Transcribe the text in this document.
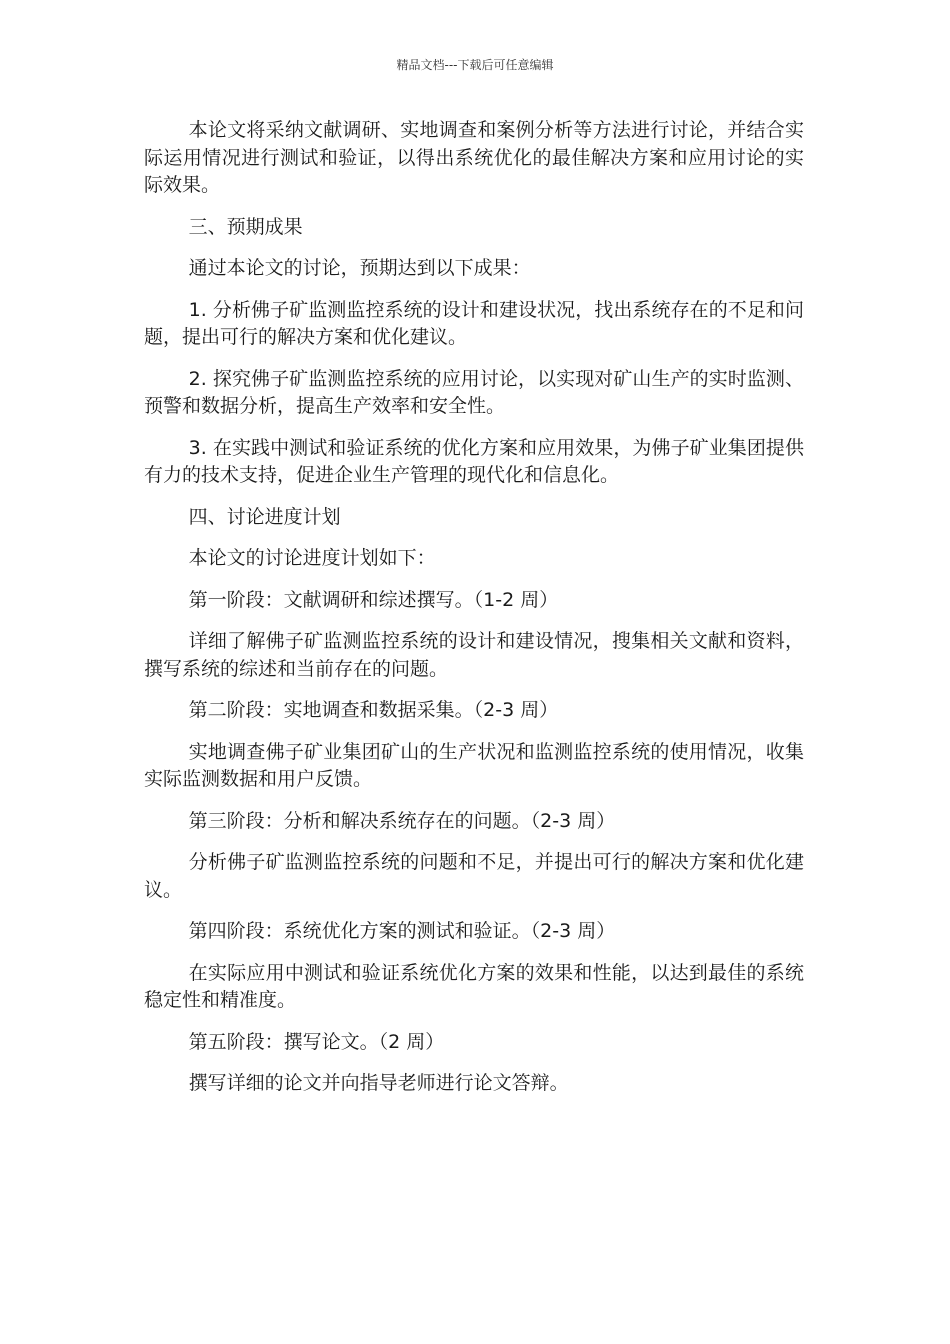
精品文档---下载后可任意编辑

本论文将采纳文献调研、实地调查和案例分析等方法进行讨论，并结合实际运用情况进行测试和验证，以得出系统优化的最佳解决方案和应用讨论的实际效果。

三、预期成果

通过本论文的讨论，预期达到以下成果：

1. 分析佛子矿监测监控系统的设计和建设状况，找出系统存在的不足和问题，提出可行的解决方案和优化建议。

2. 探究佛子矿监测监控系统的应用讨论，以实现对矿山生产的实时监测、预警和数据分析，提高生产效率和安全性。

3. 在实践中测试和验证系统的优化方案和应用效果，为佛子矿业集团提供有力的技术支持，促进企业生产管理的现代化和信息化。

四、讨论进度计划

本论文的讨论进度计划如下：

第一阶段：文献调研和综述撰写。（1-2 周）

详细了解佛子矿监测监控系统的设计和建设情况，搜集相关文献和资料，撰写系统的综述和当前存在的问题。

第二阶段：实地调查和数据采集。（2-3 周）

实地调查佛子矿业集团矿山的生产状况和监测监控系统的使用情况，收集实际监测数据和用户反馈。

第三阶段：分析和解决系统存在的问题。（2-3 周）

分析佛子矿监测监控系统的问题和不足，并提出可行的解决方案和优化建议。

第四阶段：系统优化方案的测试和验证。（2-3 周）

在实际应用中测试和验证系统优化方案的效果和性能，以达到最佳的系统稳定性和精准度。

第五阶段：撰写论文。（2 周）

撰写详细的论文并向指导老师进行论文答辩。
